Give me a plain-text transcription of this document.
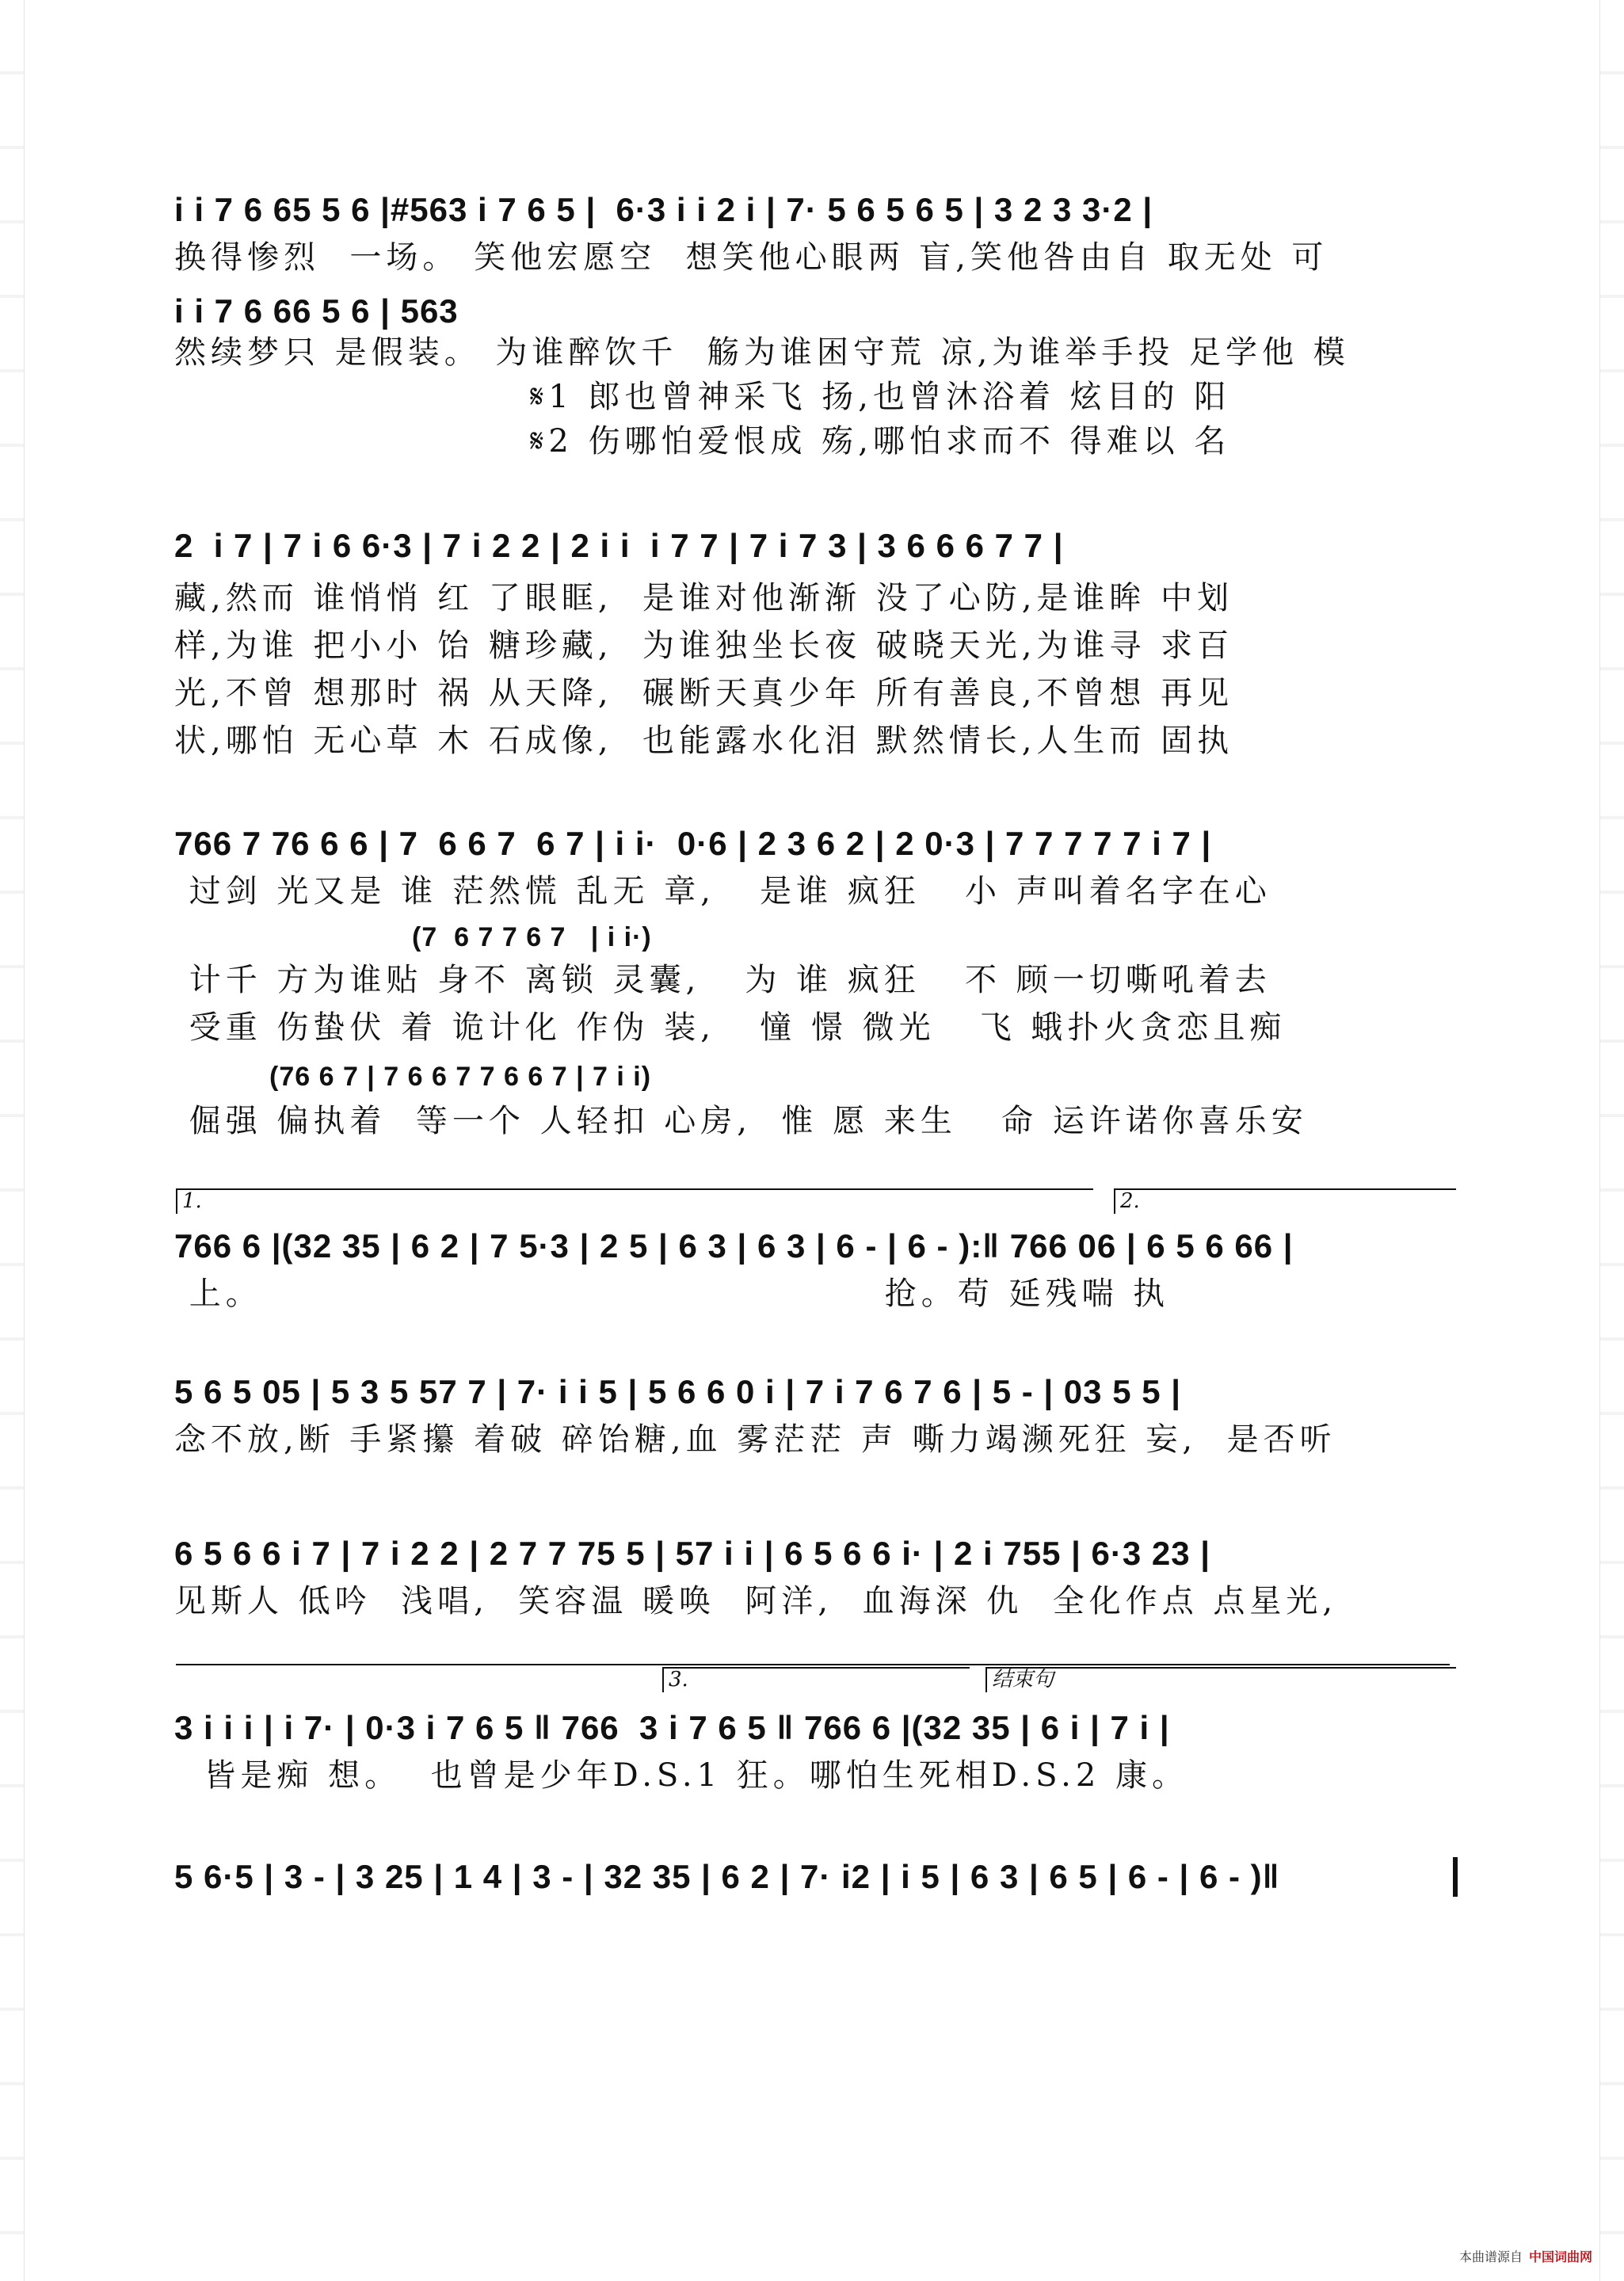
i i 7 6 65 5 6 |#563 i 7 6 5 |  6·3 i i 2 i | 7· 5 6 5 6 5 | 3 2 3 3·2 |
换得惨烈  一场。 笑他宏愿空  想笑他心眼两 盲,笑他咎由自 取无处 可
i i 7 6 66 5 6 | 563
然续梦只 是假装。 为谁醉饮千  觞为谁困守荒 凉,为谁举手投 足学他 模
𝄋1 郎也曾神采飞 扬,也曾沐浴着 炫目的 阳
𝄋2 伤哪怕爱恨成 殇,哪怕求而不 得难以 名
2  i 7 | 7 i 6 6·3 | 7 i 2 2 | 2 i i  i 7 7 | 7 i 7 3 | 3 6 6 6 7 7 |
藏,然而 谁悄悄 红 了眼眶,  是谁对他渐渐 没了心防,是谁眸 中划
样,为谁 把小小 饴 糖珍藏,  为谁独坐长夜 破晓天光,为谁寻 求百
光,不曾 想那时 祸 从天降,  碾断天真少年 所有善良,不曾想 再见
状,哪怕 无心草 木 石成像,  也能露水化泪 默然情长,人生而 固执
766 7 76 6 6 | 7  6 6 7  6 7 | i i·  0·6 | 2 3 6 2 | 2 0·3 | 7 7 7 7 7 i 7 |
过剑 光又是 谁 茫然慌 乱无 章,   是谁 疯狂   小 声叫着名字在心
(7  6 7 7 6 7   | i i·)
计千 方为谁贴 身不 离锁 灵囊,   为 谁 疯狂   不 顾一切嘶吼着去
受重 伤蛰伏 着 诡计化 作伪 装,   憧 憬 微光   飞 蛾扑火贪恋且痴
(76 6 7 | 7 6 6 7 7 6 6 7 | 7 i i)
倔强 偏执着  等一个 人轻扣 心房,  惟 愿 来生   命 运许诺你喜乐安
1.	2.
766 6 |(32 35 | 6 2 | 7 5·3 | 2 5 | 6 3 | 6 3 | 6 - | 6 - ):‖ 766 06 | 6 5 6 66 |
上。                                          抢。苟 延残喘 执
5 6 5 05 | 5 3 5 57 7 | 7· i i 5 | 5 6 6 0 i | 7 i 7 6 7 6 | 5 - | 03 5 5 |
念不放,断 手紧攥 着破 碎饴糖,血 雾茫茫 声 嘶力竭濒死狂 妄,  是否听
6 5 6 6 i 7 | 7 i 2 2 | 2 7 7 75 5 | 57 i i | 6 5 6 6 i· | 2 i 755 | 6·3 23 |
见斯人 低吟  浅唱,  笑容温 暖唤  阿洋,  血海深 仇  全化作点 点星光,
3.	结束句
3 i i i | i 7· | 0·3 i 7 6 5 ‖ 766  3 i 7 6 5 ‖ 766 6 |(32 35 | 6 i | 7 i |
皆是痴 想。  也曾是少年D.S.1 狂。哪怕生死相D.S.2 康。
5 6·5 | 3 - | 3 25 | 1 4 | 3 - | 32 35 | 6 2 | 7· i2 | i 5 | 6 3 | 6 5 | 6 - | 6 - )‖
本曲谱源自 中国词曲网
